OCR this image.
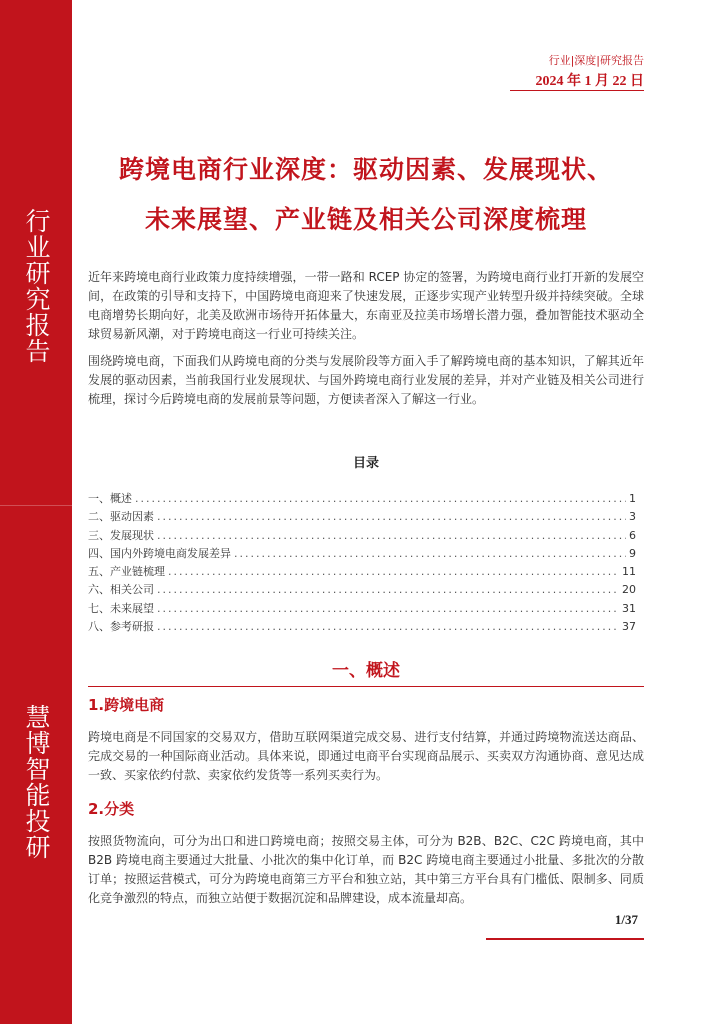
行业研究报告
慧博智能投研
行业|深度|研究报告
2024 年 1 月 22 日
跨境电商行业深度：驱动因素、发展现状、
未来展望、产业链及相关公司深度梳理
近年来跨境电商行业政策力度持续增强，一带一路和 RCEP 协定的签署，为跨境电商行业打开新的发展空间，在政策的引导和支持下，中国跨境电商迎来了快速发展，正逐步实现产业转型升级并持续突破。全球电商增势长期向好，北美及欧洲市场待开拓体量大，东南亚及拉美市场增长潜力强，叠加智能技术驱动全球贸易新风潮，对于跨境电商这一行业可持续关注。
围绕跨境电商，下面我们从跨境电商的分类与发展阶段等方面入手了解跨境电商的基本知识，了解其近年发展的驱动因素，当前我国行业发展现状、与国外跨境电商行业发展的差异，并对产业链及相关公司进行梳理，探讨今后跨境电商的发展前景等问题，方便读者深入了解这一行业。
目录
一、概述 .....	1
二、驱动因素 .....	3
三、发展现状 .....	6
四、国内外跨境电商发展差异 .....	9
五、产业链梳理 .....	11
六、相关公司 .....	20
七、未来展望 .....	31
八、参考研报 .....	37
一、概述
1.跨境电商
跨境电商是不同国家的交易双方，借助互联网渠道完成交易、进行支付结算，并通过跨境物流送达商品、完成交易的一种国际商业活动。具体来说，即通过电商平台实现商品展示、买卖双方沟通协商、意见达成一致、买家依约付款、卖家依约发货等一系列买卖行为。
2.分类
按照货物流向，可分为出口和进口跨境电商；按照交易主体，可分为 B2B、B2C、C2C 跨境电商，其中 B2B 跨境电商主要通过大批量、小批次的集中化订单，而 B2C 跨境电商主要通过小批量、多批次的分散订单；按照运营模式，可分为跨境电商第三方平台和独立站，其中第三方平台具有门槛低、限制多、同质化竞争激烈的特点，而独立站便于数据沉淀和品牌建设，成本流量却高。
1/37
